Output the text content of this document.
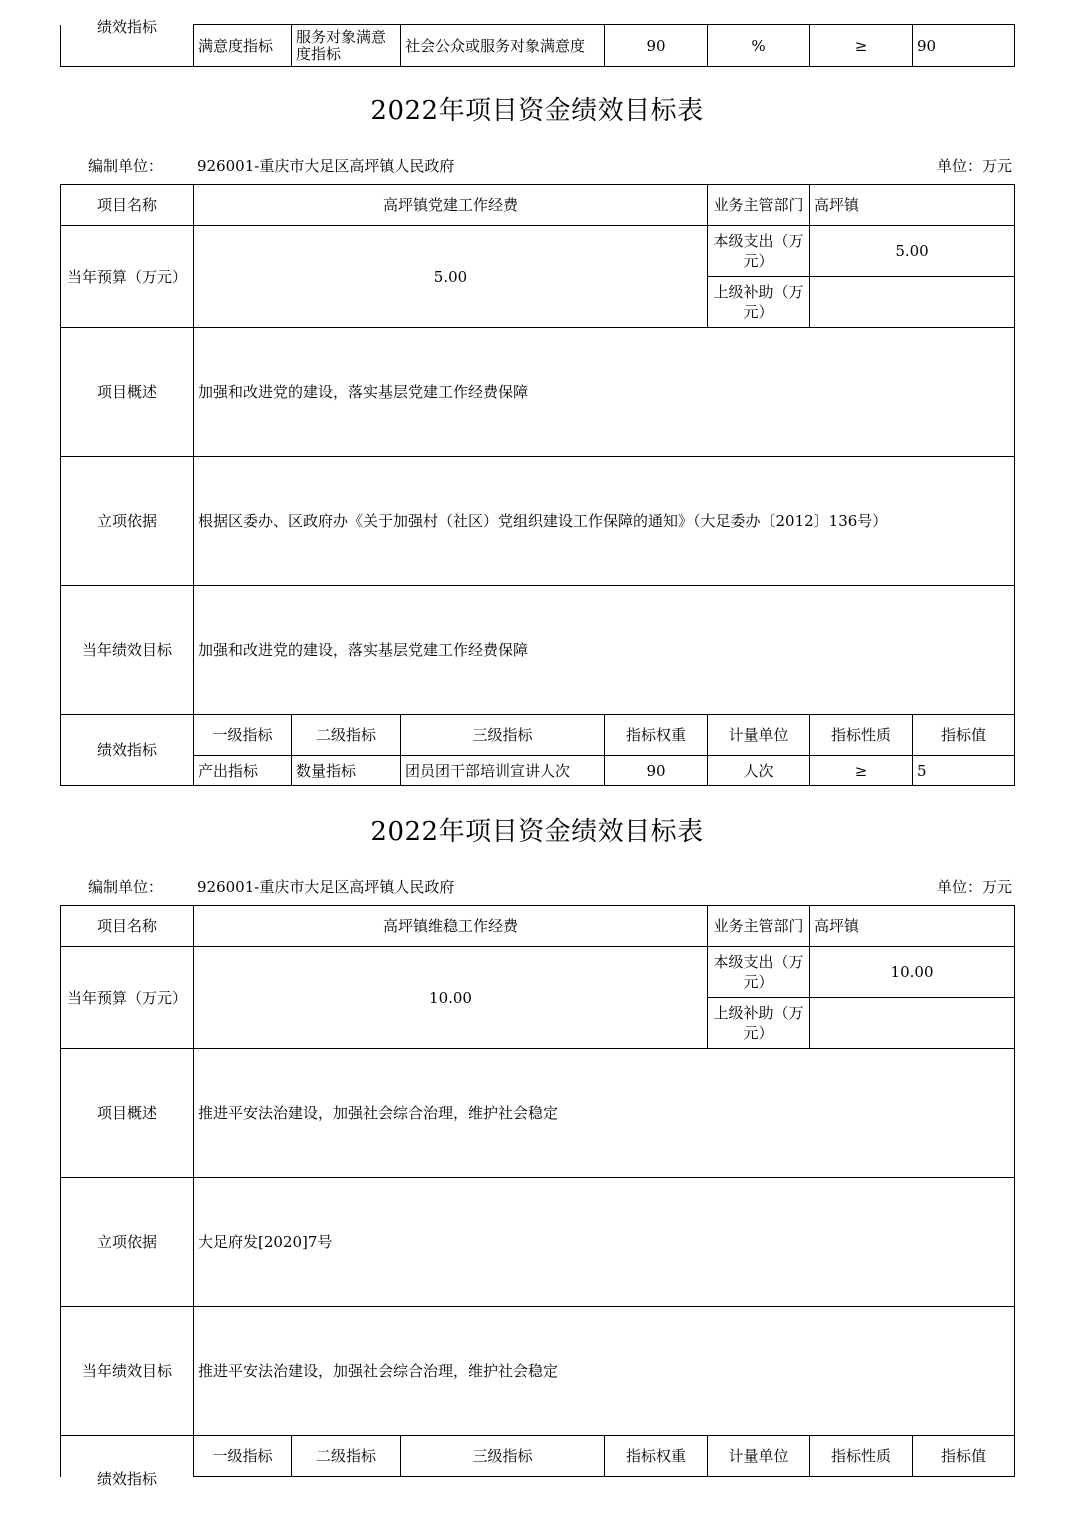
绩效指标
	满意度指标	服务对象满意度指标	社会公众或服务对象满意度	90	%	≥	90
2022年项目资金绩效目标表
编制单位： 926001-重庆市大足区高坪镇人民政府	单位：万元
项目名称	高坪镇党建工作经费				业务主管部门	高坪镇	
当年预算（万元）	5.00				本级支出（万元）	5.00	
					上级补助（万元）		
项目概述	加强和改进党的建设，落实基层党建工作经费保障						
立项依据	根据区委办、区政府办《关于加强村（社区）党组织建设工作保障的通知》（大足委办〔2012〕136号）						
当年绩效目标	加强和改进党的建设，落实基层党建工作经费保障						
绩效指标	一级指标	二级指标	三级指标	指标权重	计量单位	指标性质	指标值
	产出指标	数量指标	团员团干部培训宣讲人次	90	人次	≥	5
2022年项目资金绩效目标表
编制单位： 926001-重庆市大足区高坪镇人民政府	单位：万元
项目名称	高坪镇维稳工作经费				业务主管部门	高坪镇	
当年预算（万元）	10.00				本级支出（万元）	10.00	
					上级补助（万元）		
项目概述	推进平安法治建设，加强社会综合治理，维护社会稳定						
立项依据	大足府发[2020]7号						
当年绩效目标	推进平安法治建设，加强社会综合治理，维护社会稳定						

绩效指标	一级指标	二级指标	三级指标	指标权重	计量单位	指标性质	指标值
